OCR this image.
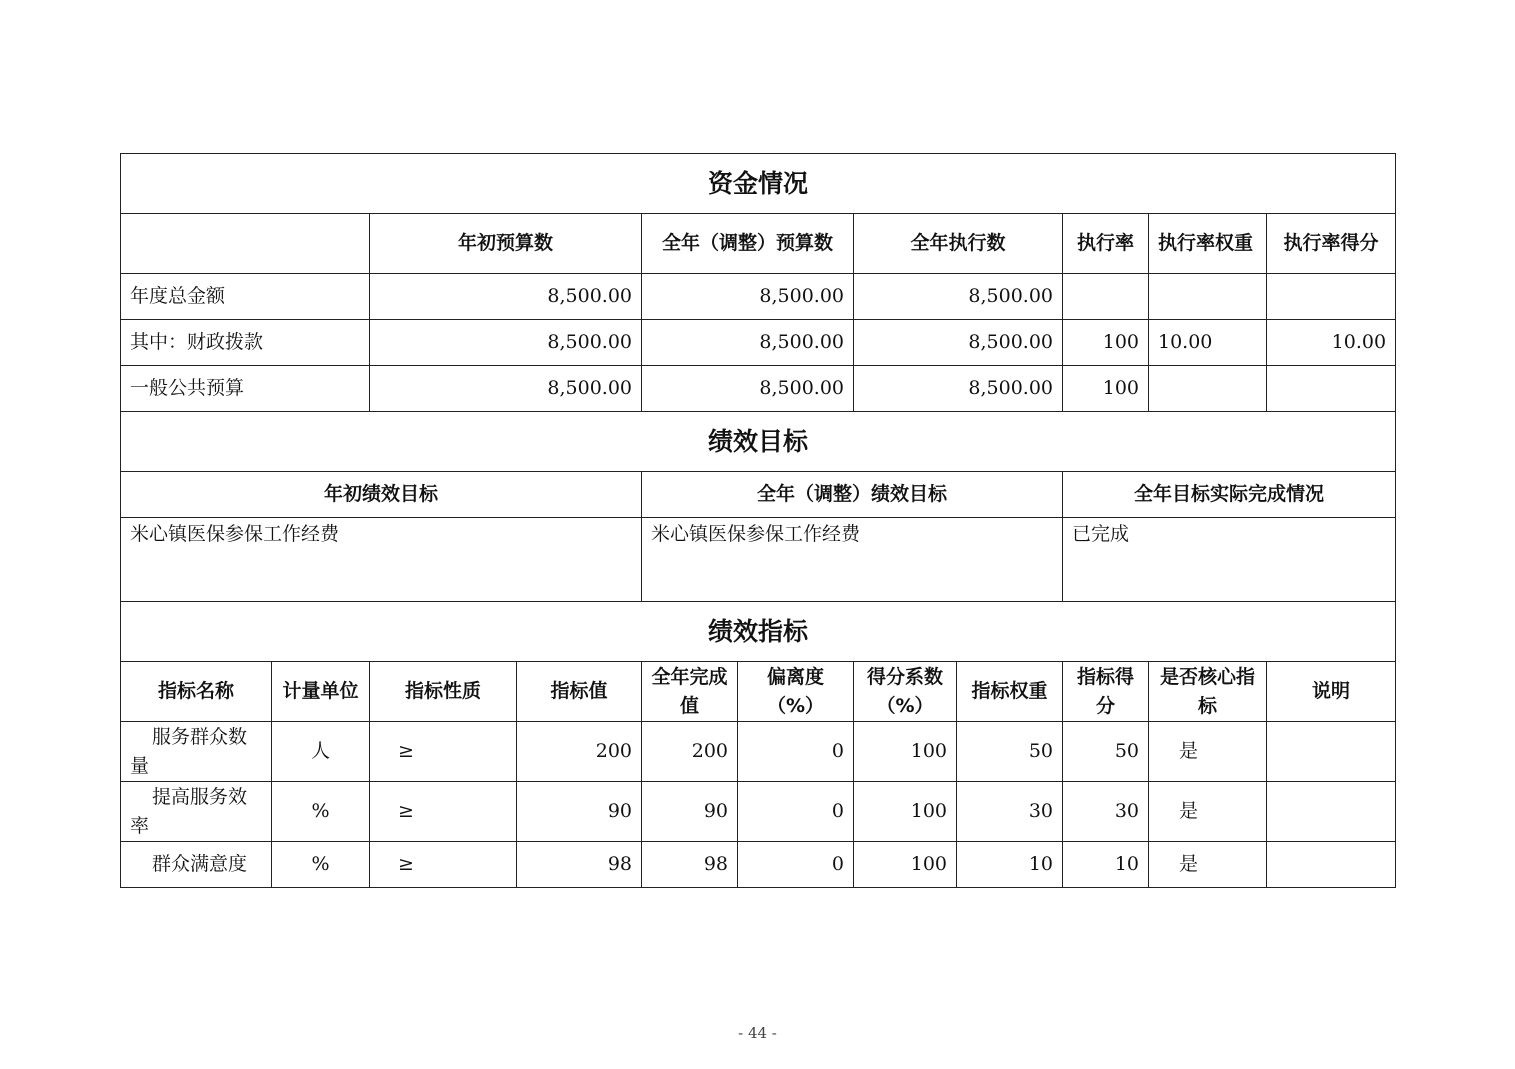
资金情况										
		年初预算数		全年（调整）预算数		全年执行数		执行率	执行率权重	执行率得分
年度总金额		8,500.00		8,500.00		8,500.00				
其中：财政拨款		8,500.00		8,500.00		8,500.00		100	10.00	10.00
一般公共预算		8,500.00		8,500.00		8,500.00		100		
绩效目标										
年初绩效目标				全年（调整）绩效目标				全年目标实际完成情况		
米心镇医保参保工作经费				米心镇医保参保工作经费				已完成		
绩效指标										
指标名称	计量单位	指标性质	指标值	全年完成值	偏离度（%）	得分系数（%）	指标权重	指标得分	是否核心指标	说明
服务群众数量	人	≥	200	200	0	100	50	50	是	
提高服务效率	%	≥	90	90	0	100	30	30	是	
群众满意度	%	≥	98	98	0	100	10	10	是	
- 44 -
